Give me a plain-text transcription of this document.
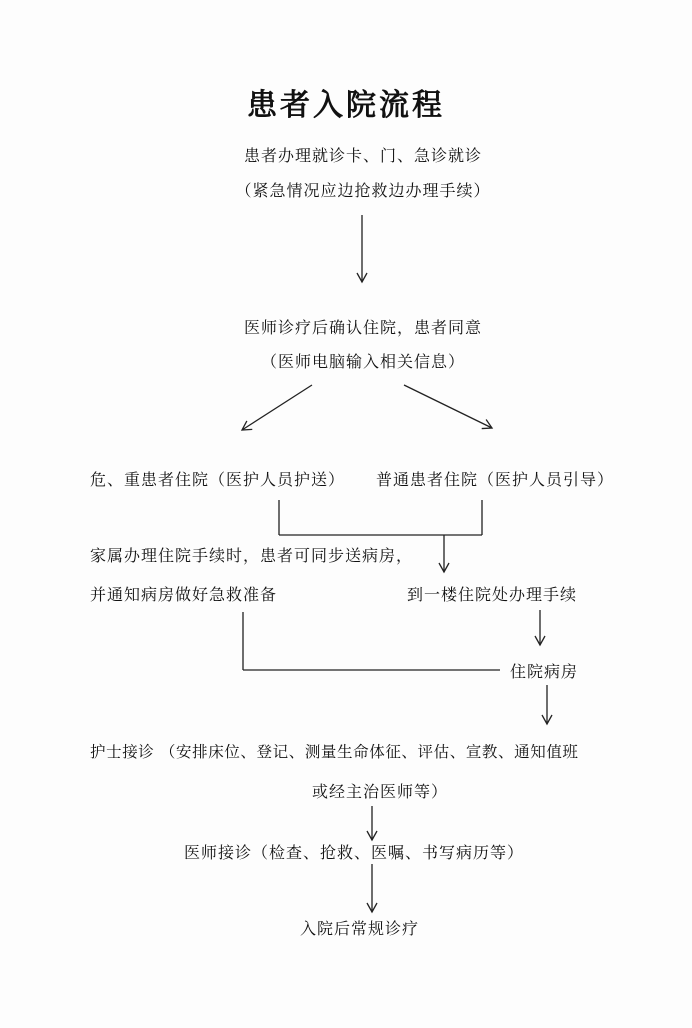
患者入院流程
患者办理就诊卡、门、急诊就诊
（紧急情况应边抢救边办理手续）
医师诊疗后确认住院，患者同意
（医师电脑输入相关信息）
危、重患者住院（医护人员护送） 普通患者住院（医护人员引导）
家属办理住院手续时，患者可同步送病房，
并通知病房做好急救准备	到一楼住院处办理手续
住院病房
护士接诊 （安排床位、登记、测量生命体征、评估、宣教、通知值班
或经主治医师等）
医师接诊（检查、抢救、医嘱、书写病历等）
入院后常规诊疗
